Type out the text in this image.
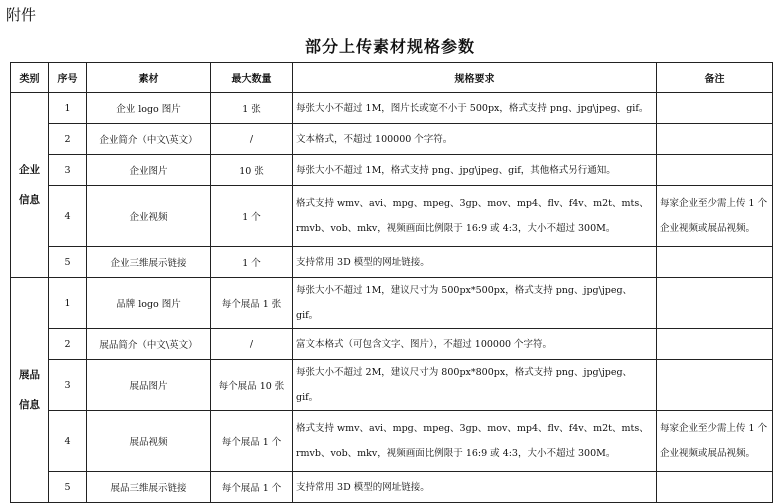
附件
部分上传素材规格参数
类别	序号	素材	最大数量	规格要求	备注

企业
信息	1	企业 logo 图片	1 张	每张大小不超过 1M，图片长或宽不小于 500px，格式支持 png、jpg\jpeg、gif。	
	2	企业简介（中文\英文）	/	文本格式，不超过 100000 个字符。	
	3	企业图片	10 张	每张大小不超过 1M，格式支持 png、jpg\jpeg、gif，其他格式另行通知。	
	4	企业视频	1 个	格式支持 wmv、avi、mpg、mpeg、3gp、mov、mp4、flv、f4v、m2t、mts、rmvb、vob、mkv，视频画面比例限于 16:9 或 4:3，大小不超过 300M。	每家企业至少需上传 1 个企业视频或展品视频。
	5	企业三维展示链接	1 个	支持常用 3D 模型的网址链接。	

展品
信息	1	品牌 logo 图片	每个展品 1 张	每张大小不超过 1M，建议尺寸为 500px*500px，格式支持 png、jpg\jpeg、gif。	
	2	展品简介（中文\英文）	/	富文本格式（可包含文字、图片），不超过 100000 个字符。	
	3	展品图片	每个展品 10 张	每张大小不超过 2M，建议尺寸为 800px*800px，格式支持 png、jpg\jpeg、gif。	
	4	展品视频	每个展品 1 个	格式支持 wmv、avi、mpg、mpeg、3gp、mov、mp4、flv、f4v、m2t、mts、rmvb、vob、mkv，视频画面比例限于 16:9 或 4:3，大小不超过 300M。	每家企业至少需上传 1 个企业视频或展品视频。
	5	展品三维展示链接	每个展品 1 个	支持常用 3D 模型的网址链接。	
